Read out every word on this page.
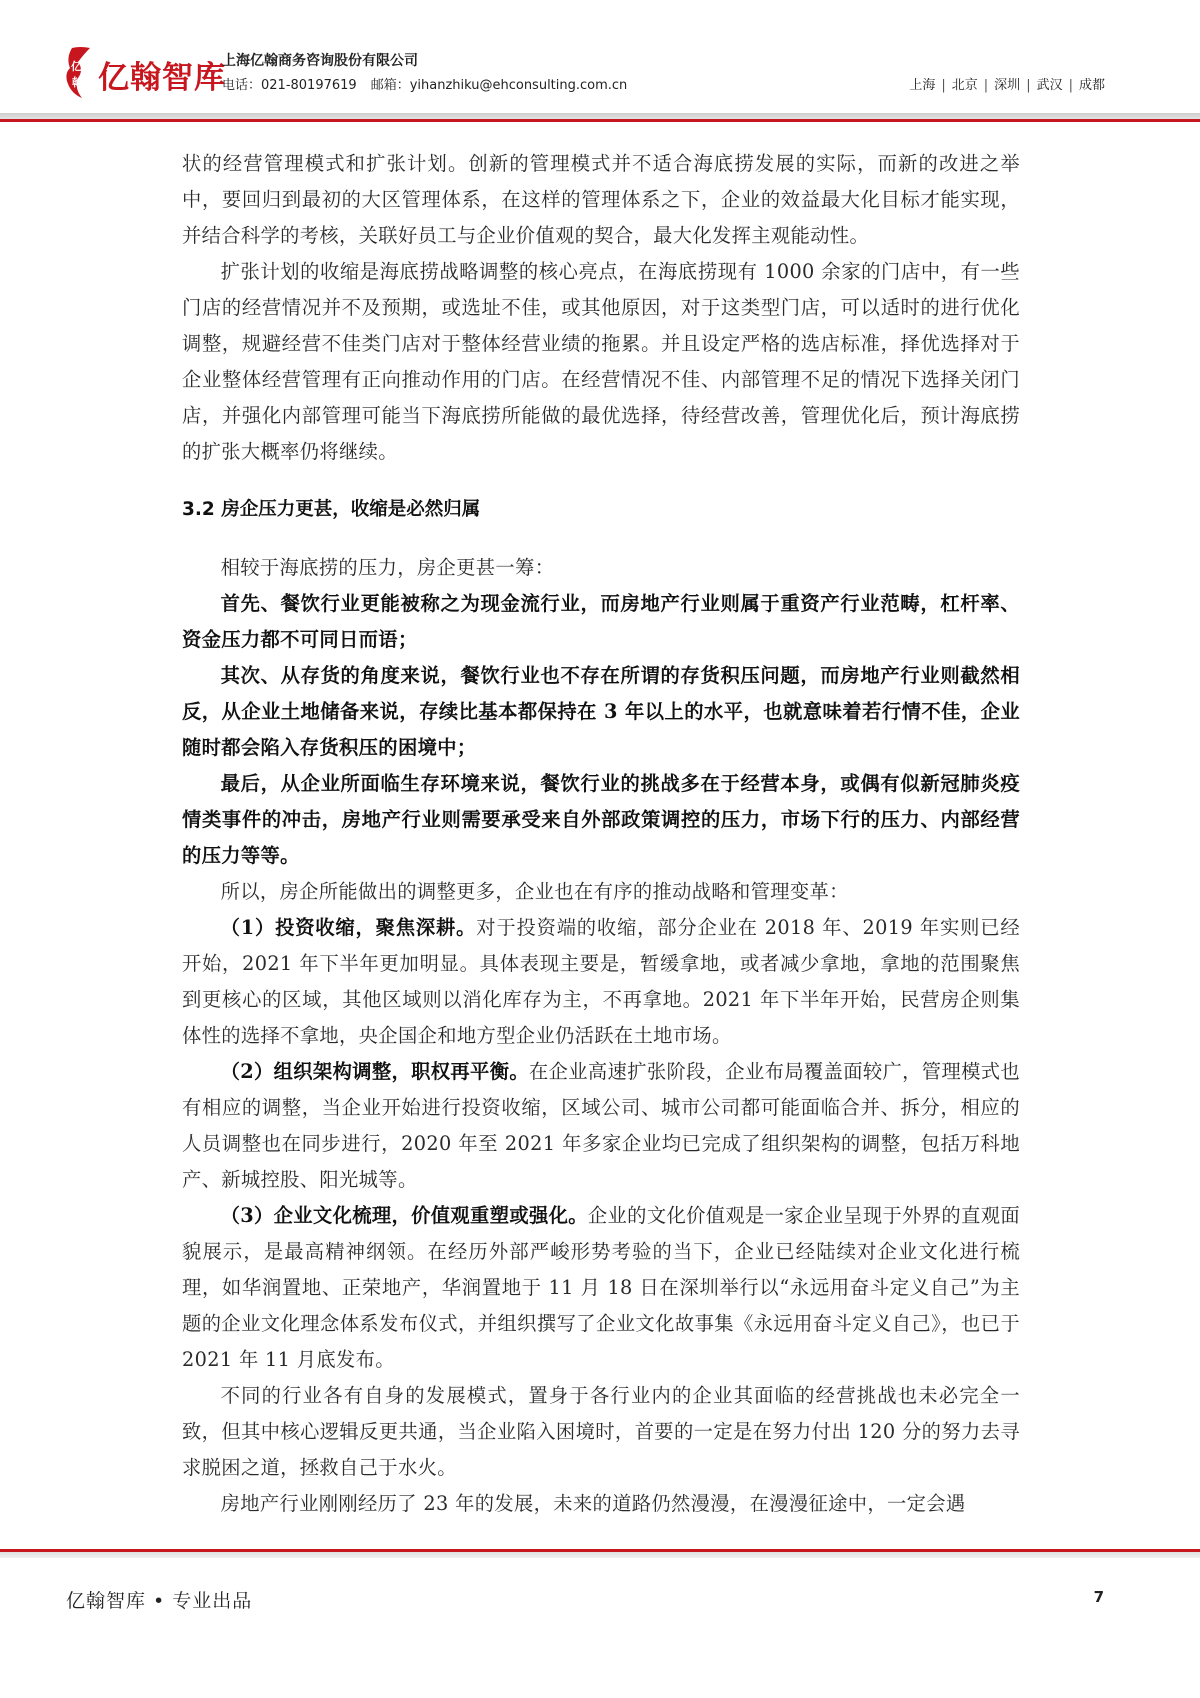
亿
翰 亿翰智库
上海亿翰商务咨询股份有限公司
电话：021-80197619 邮箱：yihanzhiku@ehconsulting.com.cn	上海 | 北京 | 深圳 | 武汉 | 成都

状的经营管理模式和扩张计划。创新的管理模式并不适合海底捞发展的实际，而新的改进之举中，要回归到最初的大区管理体系，在这样的管理体系之下，企业的效益最大化目标才能实现，并结合科学的考核，关联好员工与企业价值观的契合，最大化发挥主观能动性。

扩张计划的收缩是海底捞战略调整的核心亮点，在海底捞现有 1000 余家的门店中，有一些门店的经营情况并不及预期，或选址不佳，或其他原因，对于这类型门店，可以适时的进行优化调整，规避经营不佳类门店对于整体经营业绩的拖累。并且设定严格的选店标准，择优选择对于企业整体经营管理有正向推动作用的门店。在经营情况不佳、内部管理不足的情况下选择关闭门店，并强化内部管理可能当下海底捞所能做的最优选择，待经营改善，管理优化后，预计海底捞的扩张大概率仍将继续。

3.2 房企压力更甚，收缩是必然归属

相较于海底捞的压力，房企更甚一筹：

首先、餐饮行业更能被称之为现金流行业，而房地产行业则属于重资产行业范畴，杠杆率、资金压力都不可同日而语；

其次、从存货的角度来说，餐饮行业也不存在所谓的存货积压问题，而房地产行业则截然相反，从企业土地储备来说，存续比基本都保持在 3 年以上的水平，也就意味着若行情不佳，企业随时都会陷入存货积压的困境中；

最后，从企业所面临生存环境来说，餐饮行业的挑战多在于经营本身，或偶有似新冠肺炎疫情类事件的冲击，房地产行业则需要承受来自外部政策调控的压力，市场下行的压力、内部经营的压力等等。

所以，房企所能做出的调整更多，企业也在有序的推动战略和管理变革：

（1）投资收缩，聚焦深耕。对于投资端的收缩，部分企业在 2018 年、2019 年实则已经开始，2021 年下半年更加明显。具体表现主要是，暂缓拿地，或者减少拿地，拿地的范围聚焦到更核心的区域，其他区域则以消化库存为主，不再拿地。2021 年下半年开始，民营房企则集体性的选择不拿地，央企国企和地方型企业仍活跃在土地市场。

（2）组织架构调整，职权再平衡。在企业高速扩张阶段，企业布局覆盖面较广，管理模式也有相应的调整，当企业开始进行投资收缩，区域公司、城市公司都可能面临合并、拆分，相应的人员调整也在同步进行，2020 年至 2021 年多家企业均已完成了组织架构的调整，包括万科地产、新城控股、阳光城等。

（3）企业文化梳理，价值观重塑或强化。企业的文化价值观是一家企业呈现于外界的直观面貌展示，是最高精神纲领。在经历外部严峻形势考验的当下，企业已经陆续对企业文化进行梳理，如华润置地、正荣地产，华润置地于 11 月 18 日在深圳举行以“永远用奋斗定义自己”为主题的企业文化理念体系发布仪式，并组织撰写了企业文化故事集《永远用奋斗定义自己》，也已于 2021 年 11 月底发布。

不同的行业各有自身的发展模式，置身于各行业内的企业其面临的经营挑战也未必完全一致，但其中核心逻辑反更共通，当企业陷入困境时，首要的一定是在努力付出 120 分的努力去寻求脱困之道，拯救自己于水火。

房地产行业刚刚经历了 23 年的发展，未来的道路仍然漫漫，在漫漫征途中，一定会遇

亿翰智库 • 专业出品	7
